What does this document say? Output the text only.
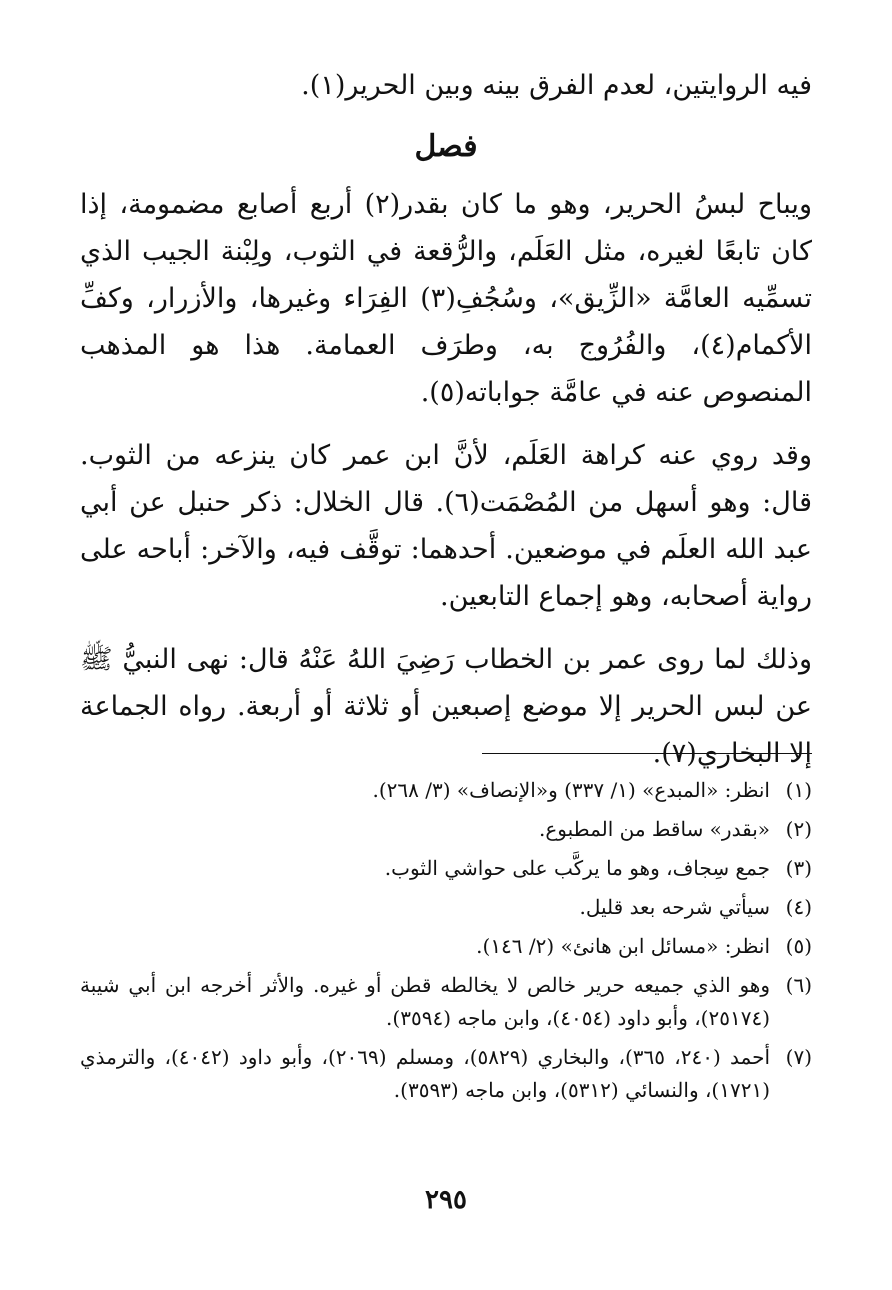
فيه الروايتين، لعدم الفرق بينه وبين الحرير(١).

فصل

ويباح لبسُ الحرير، وهو ما كان بقدر(٢) أربع أصابع مضمومة، إذا كان تابعًا لغيره، مثل العَلَم، والرُّقعة في الثوب، ولِبْنة الجيب الذي تسمِّيه العامَّة «الزِّيق»، وسُجُفِ(٣) الفِرَاء وغيرها، والأزرار، وكفِّ الأكمام(٤)، والفُرُوج به، وطرَف العمامة. هذا هو المذهب المنصوص عنه في عامَّة جواباته(٥).

وقد روي عنه كراهة العَلَم، لأنَّ ابن عمر كان ينزعه من الثوب. قال: وهو أسهل من المُصْمَت(٦). قال الخلال: ذكر حنبل عن أبي عبد الله العلَم في موضعين. أحدهما: توقَّف فيه، والآخر: أباحه على رواية أصحابه، وهو إجماع التابعين.

وذلك لما روى عمر بن الخطاب رَضِيَ اللهُ عَنْهُ قال: نهى النبيُّ ﷺ عن لبس الحرير إلا موضع إصبعين أو ثلاثة أو أربعة. رواه الجماعة إلا البخاري(٧).

(١)
انظر: «المبدع» (١/ ٣٣٧) و«الإنصاف» (٣/ ٢٦٨).
(٢)
«بقدر» ساقط من المطبوع.
(٣)
جمع سِجاف، وهو ما يركَّب على حواشي الثوب.
(٤)
سيأتي شرحه بعد قليل.
(٥)
انظر: «مسائل ابن هانئ» (٢/ ١٤٦).
(٦)
وهو الذي جميعه حرير خالص لا يخالطه قطن أو غيره. والأثر أخرجه ابن أبي شيبة (٢٥١٧٤)، وأبو داود (٤٠٥٤)، وابن ماجه (٣٥٩٤).
(٧)
أحمد (٢٤٠، ٣٦٥)، والبخاري (٥٨٢٩)، ومسلم (٢٠٦٩)، وأبو داود (٤٠٤٢)، والترمذي (١٧٢١)، والنسائي (٥٣١٢)، وابن ماجه (٣٥٩٣).
٢٩٥
